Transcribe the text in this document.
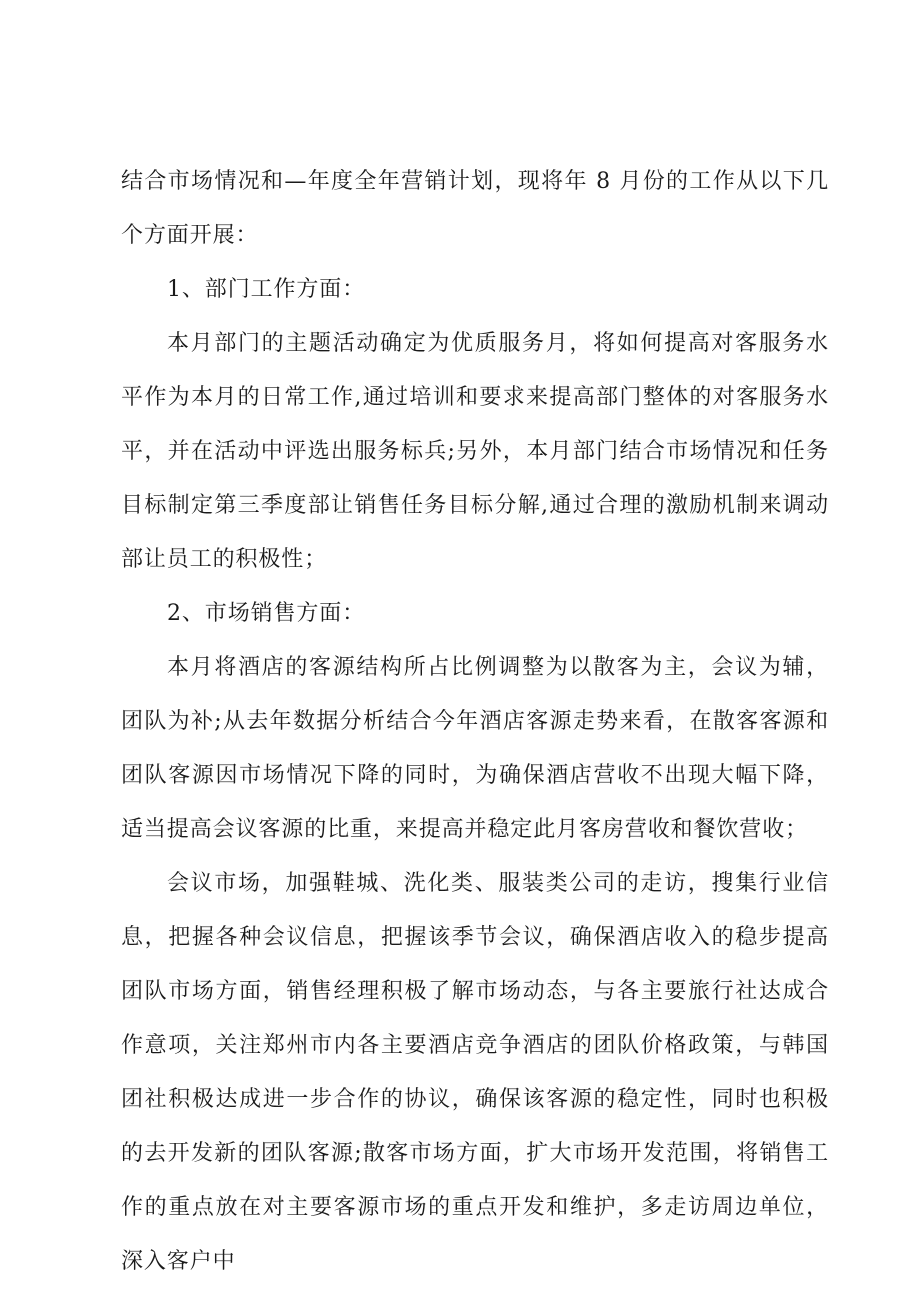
结合市场情况和—年度全年营销计划，现将年 8 月份的工作从以下几个方面开展：

1、部门工作方面：

本月部门的主题活动确定为优质服务月，将如何提高对客服务水平作为本月的日常工作,通过培训和要求来提高部门整体的对客服务水平，并在活动中评选出服务标兵;另外，本月部门结合市场情况和任务目标制定第三季度部让销售任务目标分解,通过合理的激励机制来调动部让员工的积极性；

2、市场销售方面：

本月将酒店的客源结构所占比例调整为以散客为主，会议为辅，团队为补;从去年数据分析结合今年酒店客源走势来看，在散客客源和团队客源因市场情况下降的同时，为确保酒店营收不出现大幅下降，适当提高会议客源的比重，来提高并稳定此月客房营收和餐饮营收；

会议市场，加强鞋城、洗化类、服装类公司的走访，搜集行业信息，把握各种会议信息，把握该季节会议，确保酒店收入的稳步提高团队市场方面，销售经理积极了解市场动态，与各主要旅行社达成合作意项，关注郑州市内各主要酒店竞争酒店的团队价格政策，与韩国团社积极达成进一步合作的协议，确保该客源的稳定性，同时也积极的去开发新的团队客源;散客市场方面，扩大市场开发范围，将销售工作的重点放在对主要客源市场的重点开发和维护，多走访周边单位，深入客户中
